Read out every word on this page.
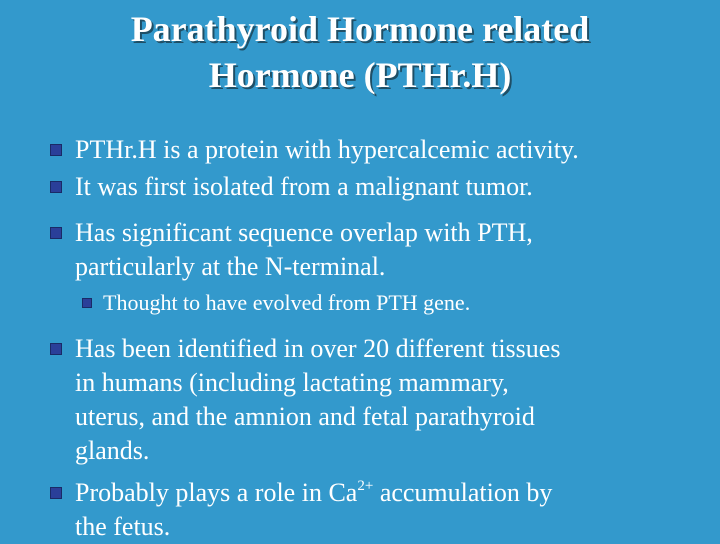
Parathyroid Hormone related
Hormone (PTHr.H)
PTHr.H is a protein with hypercalcemic activity.
It was first isolated from a malignant tumor.
Has significant sequence overlap with PTH,
particularly at the N-terminal.
Thought to have evolved from PTH gene.
Has been identified in over 20 different tissues
in humans (including lactating mammary,
uterus, and the amnion and fetal parathyroid
glands.
Probably plays a role in $Ca^{2+}$ accumulation by
the fetus.
